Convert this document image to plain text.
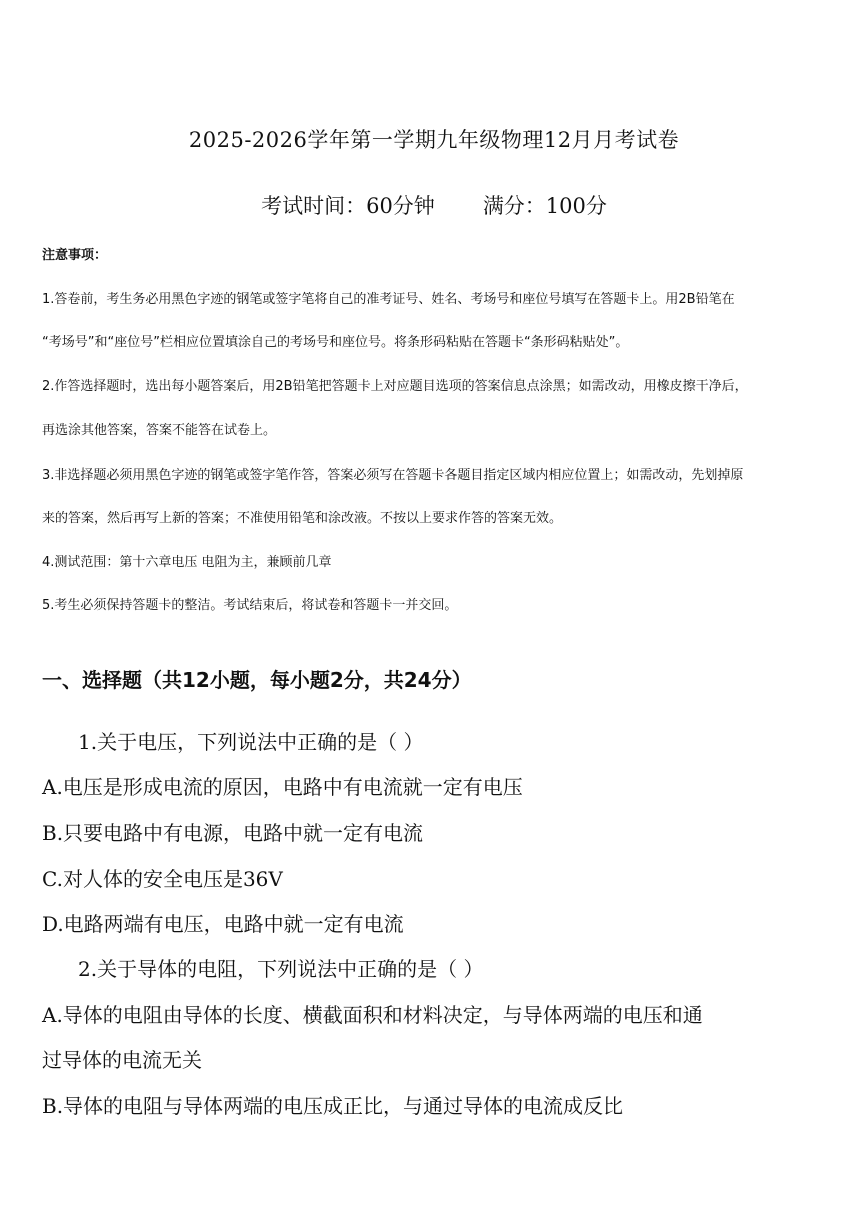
2025-2026学年第一学期九年级物理12月月考试卷
考试时间：60分钟 满分：100分
注意事项：
1.答卷前，考生务必用黑色字迹的钢笔或签字笔将自己的准考证号、姓名、考场号和座位号填写在答题卡上。用2B铅笔在
“考场号”和“座位号”栏相应位置填涂自己的考场号和座位号。将条形码粘贴在答题卡“条形码粘贴处”。
2.作答选择题时，选出每小题答案后，用2B铅笔把答题卡上对应题目选项的答案信息点涂黑；如需改动，用橡皮擦干净后，
再选涂其他答案，答案不能答在试卷上。
3.非选择题必须用黑色字迹的钢笔或签字笔作答，答案必须写在答题卡各题目指定区域内相应位置上；如需改动，先划掉原
来的答案，然后再写上新的答案；不准使用铅笔和涂改液。不按以上要求作答的答案无效。
4.测试范围：第十六章电压 电阻为主，兼顾前几章
5.考生必须保持答题卡的整洁。考试结束后，将试卷和答题卡一并交回。
一、选择题（共12小题，每小题2分，共24分）
1.关于电压，下列说法中正确的是（ ）
A.电压是形成电流的原因，电路中有电流就一定有电压
B.只要电路中有电源，电路中就一定有电流
C.对人体的安全电压是36V
D.电路两端有电压，电路中就一定有电流
2.关于导体的电阻，下列说法中正确的是（ ）
A.导体的电阻由导体的长度、横截面积和材料决定，与导体两端的电压和通
过导体的电流无关
B.导体的电阻与导体两端的电压成正比，与通过导体的电流成反比
